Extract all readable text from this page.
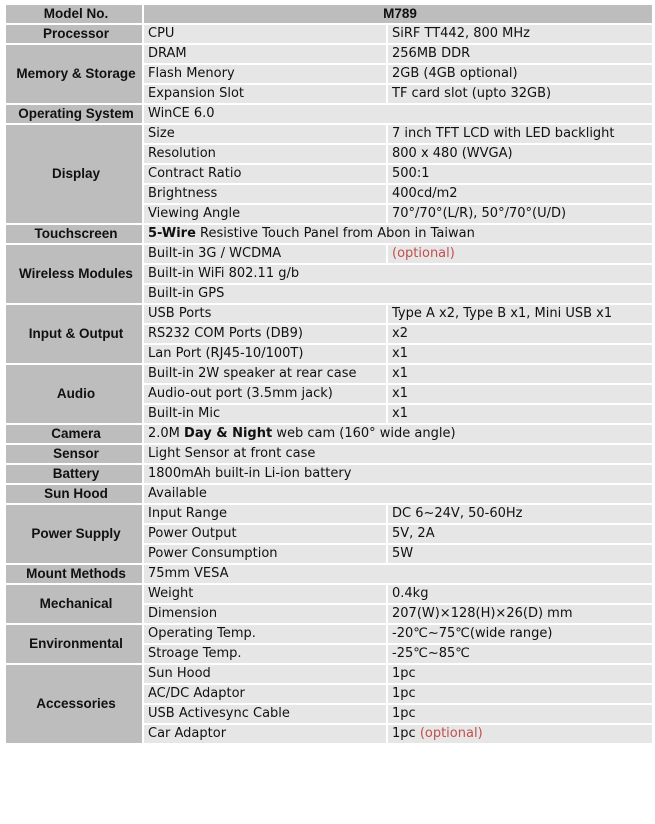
Model No.	M789	
Processor	CPU	SiRF TT442, 800 MHz
Memory & Storage	DRAM	256MB DDR
	Flash Menory	2GB (4GB optional)
	Expansion Slot	TF card slot (upto 32GB)
Operating System	WinCE 6.0	
Display	Size	7 inch TFT LCD with LED backlight
	Resolution	800 x 480 (WVGA)
	Contract Ratio	500:1
	Brightness	400cd/m2
	Viewing Angle	70°/70°(L/R), 50°/70°(U/D)
Touchscreen	5-Wire Resistive Touch Panel from Abon in Taiwan	
Wireless Modules	Built-in 3G / WCDMA	(optional)
	Built-in WiFi 802.11 g/b	
	Built-in GPS	
Input & Output	USB Ports	Type A x2, Type B x1, Mini USB x1
	RS232 COM Ports (DB9)	x2
	Lan Port (RJ45-10/100T)	x1
Audio	Built-in 2W speaker at rear case	x1
	Audio-out port (3.5mm jack)	x1
	Built-in Mic	x1
Camera	2.0M Day & Night web cam (160° wide angle)	
Sensor	Light Sensor at front case	
Battery	1800mAh built-in Li-ion battery	
Sun Hood	Available	
Power Supply	Input Range	DC 6~24V, 50-60Hz
	Power Output	5V, 2A
	Power Consumption	5W
Mount Methods	75mm VESA	
Mechanical	Weight	0.4kg
	Dimension	207(W)×128(H)×26(D) mm
Environmental	Operating Temp.	-20℃~75℃(wide range)
	Stroage Temp.	-25℃~85℃
Accessories	Sun Hood	1pc
	AC/DC Adaptor	1pc
	USB Activesync Cable	1pc
	Car Adaptor	1pc (optional)
